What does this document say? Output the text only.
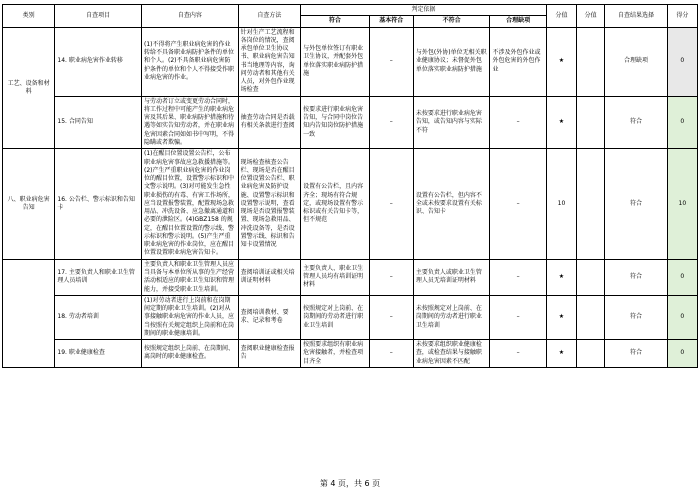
类别	自查项目	自查内容	自查方法	判定依据				分值	分值	自查结果选择	得分
				符合	基本符合	不符合	合理缺项				
工艺、设备和材料	14. 职业病危害作业转移	(1)不得将产生职业病危害的作业转给不具备职业病防护条件的单位和个人。(2)不具备职业病危害防护条件的单位和个人不得接受作职业病危害的作业。	针对生产工艺流程和各岗位的情况，查阅承包单位卫生协议书、职业病危害告知书当地理等内容，询问劳动者和其他有关人员，对外包作业现场检查	与外包单位签订有职业卫生协议，并配套外包单位落实职业病防护措施	–	与外包(外协)单位无相关职业健康协议；未督促外包单位落实职业病防护措施	不涉及外包作业或外包危害的外包作业	★		合理缺项	0
	15. 合同告知	与劳动者订立或变更劳动合同时，将工作过程中可能产生的职业病危害及其后果、职业病防护措施和待遇等如实告知劳动者，并在职业病危害因素合同如如书中写明，不得隐瞒或者欺骗。	抽查劳动合同是否载有相关条款进行查阅	按要求进行职业病危害告知，与合同中岗位告知内告知岗位防护措施一致	–	未按要求进行职业病危害告知，或告知内容与实际不符	–	★		符合	0
八、职业病危害告知	16. 公告栏、警示标识和告知卡	(1)在醒目位置设置公告栏，公布职业病危害事故应急救援措施等。(2)产生严重职业病危害的作业岗位的醒目位置，设置警示标识和中文警示说明。(3)对可能发生急性职业损伤的有毒、有害工作场所，应当设置报警装置，配置现场急救用品、冲洗设备、应急撤离通道和必要的泄险区。(4)GBZ158 的规定，在醒目位置设置的警示线、警示标识和警示说明。(5)产生严重职业病危害的作业岗位，应在醒目位置设置职业病危害告知卡。	现场检查核查公告栏、现场是否在醒目位置设置公告栏、职业病危害及防护设施、设置警示标识和设置警示说明，查看现场是否设置报警装置、现场急救用品、冲洗设备等，是否设置警示线、标识和告知卡设置情况	设置有公告栏，且内容齐全；现场有符合规定，或现场设置有警示标识或有关告知卡等，但不规范	–	设置有公告栏，但内容不全或未按要求设置有关标识、告知卡	–	10		符合	10
	17. 主要负责人和职业卫生管理人员培训	主要负责人和职业卫生管理人员应当具备与本单位所从事的生产经营活动相适应的职业卫生知识和管理能力，并接受职业卫生培训。	查阅培训证或相关培训证明材料	主要负责人、职业卫生管理人员均有培训证明材料	–	主要负责人或职业卫生管理人员无培训证明材料	–	★		符合	0
	18. 劳动者培训	(1)对劳动者进行上岗前和在岗期间定期的职业卫生培训。(2)对从事接触职业病危害的作业人员，应当按照有关规定组织上岗前和在岗期间的职业健康培训。	查阅培训教材、要求、记录和考卷	按照规定对上岗前、在岗期间的劳动者进行职业卫生培训	–	未按照规定对上岗前、在岗期间的劳动者进行职业卫生培训	–	★		符合	0
	19. 职业健康检查	按照规定组织上岗前、在岗期间、离岗时的职业健康检查。	查阅职业健康检查报告	按照要求组织有职业病危害接触者，并检查项目齐全	–	未按要求组织职业健康检查，或检查结果与接触职业病危害因素不匹配	–	★		符合	0
第 4 页，共 6 页
